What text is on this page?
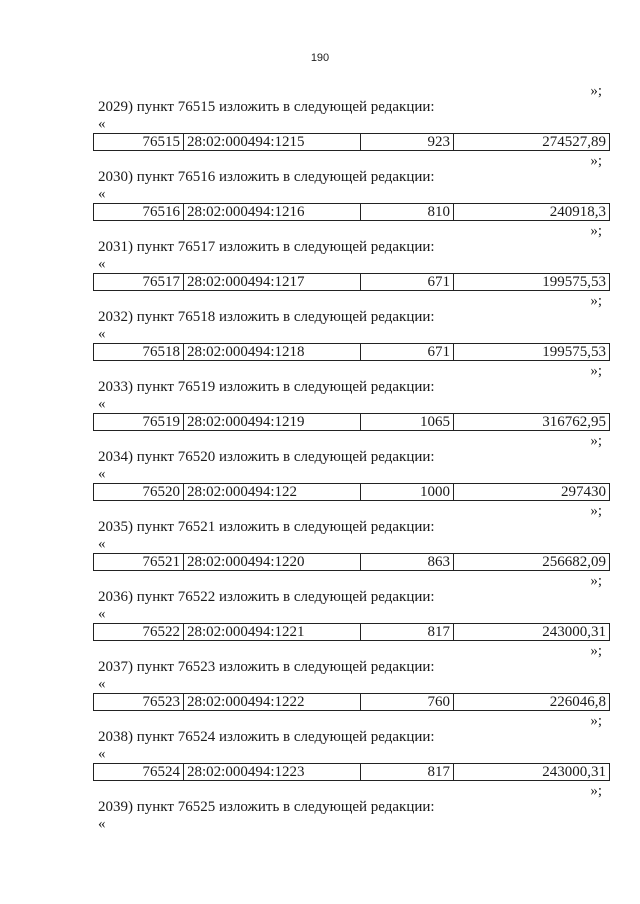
190
»;
2029) пункт 76515 изложить в следующей редакции:
«
76515	28:02:000494:1215	923	274527,89
»;
2030) пункт 76516 изложить в следующей редакции:
«
76516	28:02:000494:1216	810	240918,3
»;
2031) пункт 76517 изложить в следующей редакции:
«
76517	28:02:000494:1217	671	199575,53
»;
2032) пункт 76518 изложить в следующей редакции:
«
76518	28:02:000494:1218	671	199575,53
»;
2033) пункт 76519 изложить в следующей редакции:
«
76519	28:02:000494:1219	1065	316762,95
»;
2034) пункт 76520 изложить в следующей редакции:
«
76520	28:02:000494:122	1000	297430
»;
2035) пункт 76521 изложить в следующей редакции:
«
76521	28:02:000494:1220	863	256682,09
»;
2036) пункт 76522 изложить в следующей редакции:
«
76522	28:02:000494:1221	817	243000,31
»;
2037) пункт 76523 изложить в следующей редакции:
«
76523	28:02:000494:1222	760	226046,8
»;
2038) пункт 76524 изложить в следующей редакции:
«
76524	28:02:000494:1223	817	243000,31
»;
2039) пункт 76525 изложить в следующей редакции:
«
